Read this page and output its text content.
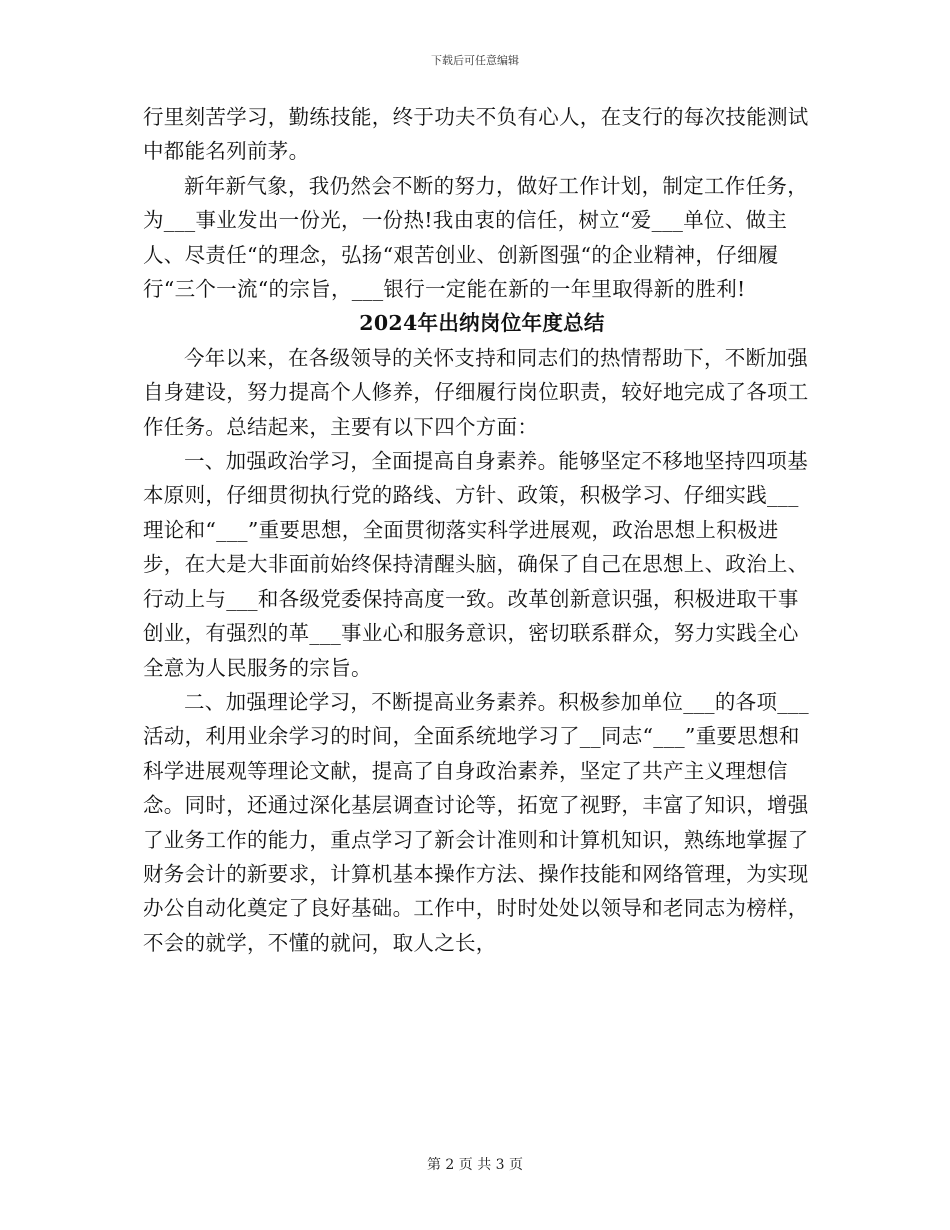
下载后可任意编辑

行里刻苦学习，勤练技能，终于功夫不负有心人，在支行的每次技能测试中都能名列前茅。

新年新气象，我仍然会不断的努力，做好工作计划，制定工作任务，为___事业发出一份光，一份热!我由衷的信任，树立“爱___单位、做主人、尽责任“的理念，弘扬“艰苦创业、创新图强“的企业精神，仔细履行“三个一流“的宗旨，___银行一定能在新的一年里取得新的胜利!

2024年出纳岗位年度总结

今年以来，在各级领导的关怀支持和同志们的热情帮助下，不断加强自身建设，努力提高个人修养，仔细履行岗位职责，较好地完成了各项工作任务。总结起来，主要有以下四个方面：

一、加强政治学习，全面提高自身素养。能够坚定不移地坚持四项基本原则，仔细贯彻执行党的路线、方针、政策，积极学习、仔细实践___理论和“___”重要思想，全面贯彻落实科学进展观，政治思想上积极进步，在大是大非面前始终保持清醒头脑，确保了自己在思想上、政治上、行动上与___和各级党委保持高度一致。改革创新意识强，积极进取干事创业，有强烈的革___事业心和服务意识，密切联系群众，努力实践全心全意为人民服务的宗旨。

二、加强理论学习，不断提高业务素养。积极参加单位___的各项___活动，利用业余学习的时间，全面系统地学习了__同志“___”重要思想和科学进展观等理论文献，提高了自身政治素养，坚定了共产主义理想信念。同时，还通过深化基层调查讨论等，拓宽了视野，丰富了知识，增强了业务工作的能力，重点学习了新会计准则和计算机知识，熟练地掌握了财务会计的新要求，计算机基本操作方法、操作技能和网络管理，为实现办公自动化奠定了良好基础。工作中，时时处处以领导和老同志为榜样，不会的就学，不懂的就问，取人之长，

第 2 页 共 3 页
